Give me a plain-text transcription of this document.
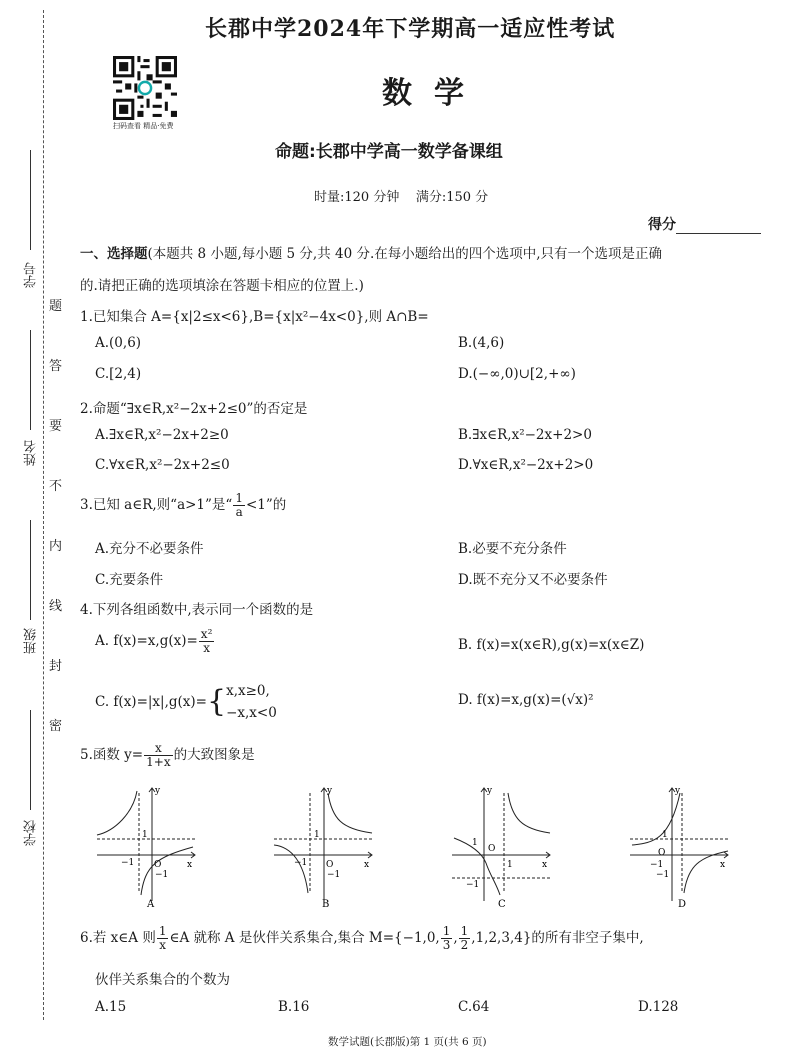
题
答
要
不
内
线
封
密
学号
姓名
班级
学校
扫码查看 精品·免费
长郡中学2024年下学期高一适应性考试
数学
命题:长郡中学高一数学备课组
时量:120 分钟    满分:150 分
得分
一、选择题(本题共 8 小题,每小题 5 分,共 40 分.在每小题给出的四个选项中,只有一个选项是正确
的.请把正确的选项填涂在答题卡相应的位置上.)
1.已知集合 A={x|2≤x<6},B={x|x²−4x<0},则 A∩B=
A.(0,6)	B.(4,6)
C.[2,4)	D.(−∞,0)∪[2,+∞)
2.命题“∃x∈R,x²−2x+2≤0”的否定是
A.∃x∈R,x²−2x+2≥0	B.∃x∈R,x²−2x+2>0
C.∀x∈R,x²−2x+2≤0	D.∀x∈R,x²−2x+2>0
3.已知 a∈R,则“a>1”是“ $\frac{1}{a} <1$”的
A.充分不必要条件	B.必要不充分条件
C.充要条件	D.既不充分又不必要条件
4.下列各组函数中,表示同一个函数的是
A. $f(x)=x,g(x)= \frac{\text{x²}}{x}$	B. f(x)=x(x∈R),g(x)=x(x∈Z)
C. f(x)=|x|,g(x)={ x,x≥0,
−x,x<0
D. f(x)=x,g(x)=(√x)²
5.函数 $y= \frac{x}{1+x}$ 的大致图象是
y
x
−1
1
O
−1
A
y
x
−1
1
O
−1
B
y
x
1
1
O
−1
C
y
x
−1
1
O
−1
D
6.若 x∈A 则 $\frac{1}{x}$ ∈A 就称 A 是伙伴关系集合,集合 M={−1,0, $\frac{1}{3}$ , $\frac{1}{2} ,1,2,3,4$}的所有非空子集中,
伙伴关系集合的个数为
A.15	B.16	C.64	D.128
数学试题(长郡版)第 1 页(共 6 页)
